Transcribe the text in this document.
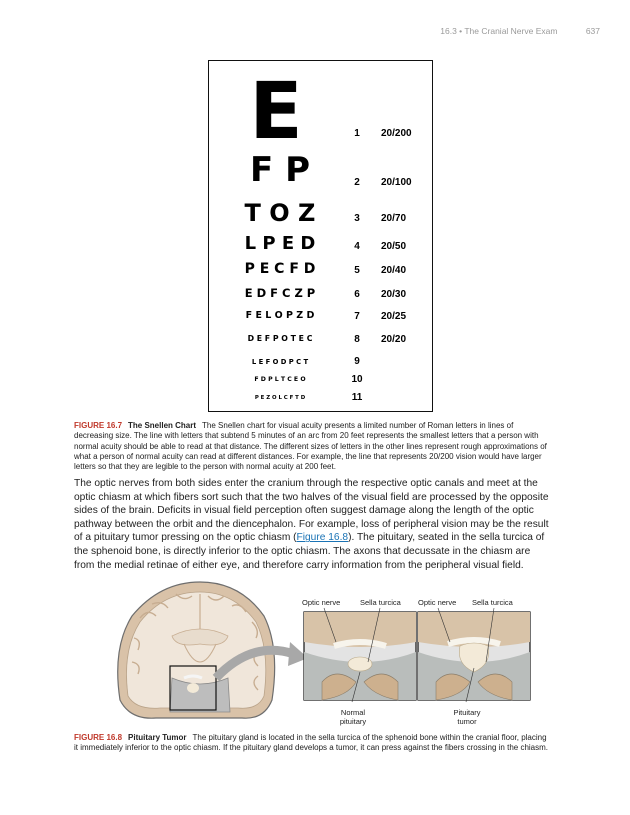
16.3 • The Cranial Nerve Exam	637
E	1	20/200
F P	2	20/100
T O Z	3	20/70
L P E D	4	20/50
P E C F D	5	20/40
E D F C Z P	6	20/30
F E L O P Z D	7	20/25
D E F P O T E C	8	20/20
L E F O D P C T	9
F D P L T C E O	10
P E Z O L C F T D	11
FIGURE 16.7 The Snellen Chart The Snellen chart for visual acuity presents a limited number of Roman letters in lines of decreasing size. The line with letters that subtend 5 minutes of an arc from 20 feet represents the smallest letters that a person with normal acuity should be able to read at that distance. The different sizes of letters in the other lines represent rough approximations of what a person of normal acuity can read at different distances. For example, the line that represents 20/200 vision would have larger letters so that they are legible to the person with normal acuity at 200 feet.
The optic nerves from both sides enter the cranium through the respective optic canals and meet at the optic chiasm at which fibers sort such that the two halves of the visual field are processed by the opposite sides of the brain. Deficits in visual field perception often suggest damage along the length of the optic pathway between the orbit and the diencephalon. For example, loss of peripheral vision may be the result of a pituitary tumor pressing on the optic chiasm (Figure 16.8). The pituitary, seated in the sella turcica of the sphenoid bone, is directly inferior to the optic chiasm. The axons that decussate in the chiasm are from the medial retinae of either eye, and therefore carry information from the peripheral visual field.
Optic nerve	Sella turcica Optic nerve Sella turcica
Normal
pituitary
Pituitary
tumor
FIGURE 16.8 Pituitary Tumor The pituitary gland is located in the sella turcica of the sphenoid bone within the cranial floor, placing it immediately inferior to the optic chiasm. If the pituitary gland develops a tumor, it can press against the fibers crossing in the chiasm.
